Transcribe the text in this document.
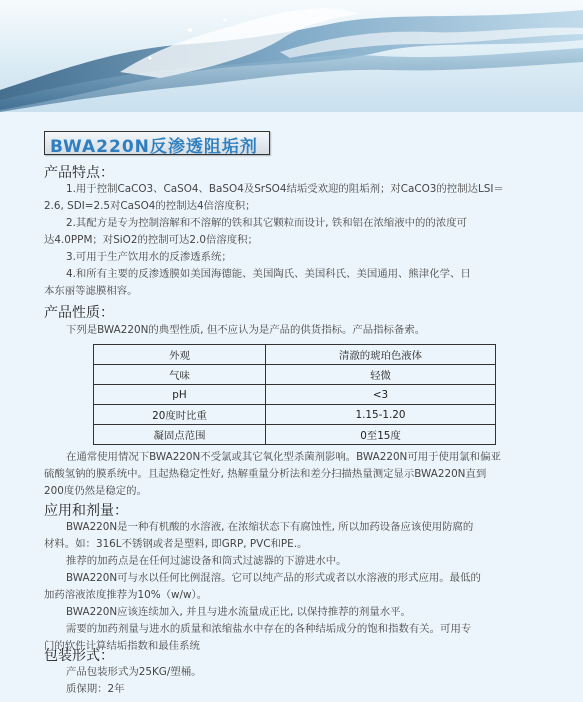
BWA220N反渗透阻垢剂
产品特点：
1.用于控制CaCO3、CaSO4、BaSO4及SrSO4结垢受欢迎的阻垢剂；对CaCO3的控制达LSI＝
2.6, SDI=2.5对CaSO4的控制达4倍溶度积；
2.其配方是专为控制溶解和不溶解的铁和其它颗粒而设计, 铁和铝在浓缩液中的的浓度可
达4.0PPM；对SiO2的控制可达2.0倍溶度积；
3.可用于生产饮用水的反渗透系统；
4.和所有主要的反渗透膜如美国海德能、美国陶氏、美国科氏、美国通用、熊津化学、日
本东丽等滤膜相容。
产品性质：
下列是BWA220N的典型性质, 但不应认为是产品的供货指标。产品指标备索。
外观	清澈的琥珀色液体
气味	轻微
pH	<3
20度时比重	1.15-1.20
凝固点范围	0至15度
在通常使用情况下BWA220N不受氯或其它氧化型杀菌剂影响。BWA220N可用于使用氯和偏亚
硫酸氢钠的膜系统中。且起热稳定性好, 热解重量分析法和差分扫描热量测定显示BWA220N直到
200度仍然是稳定的。
应用和剂量：
BWA220N是一种有机酸的水溶液, 在浓缩状态下有腐蚀性, 所以加药设备应该使用防腐的
材料。如：316L不锈钢或者是塑料, 即GRP, PVC和PE.。
推荐的加药点是在任何过滤设备和筒式过滤器的下游进水中。
BWA220N可与水以任何比例混溶。它可以纯产品的形式或者以水溶液的形式应用。最低的
加药溶液浓度推荐为10%（w/w）。
BWA220N应该连续加入, 并且与进水流量成正比, 以保持推荐的剂量水平。
需要的加药剂量与进水的质量和浓缩盐水中存在的各种结垢成分的饱和指数有关。可用专
门的软件计算结垢指数和最佳系统
包装形式：
产品包装形式为25KG/塑桶。
质保期：2年
